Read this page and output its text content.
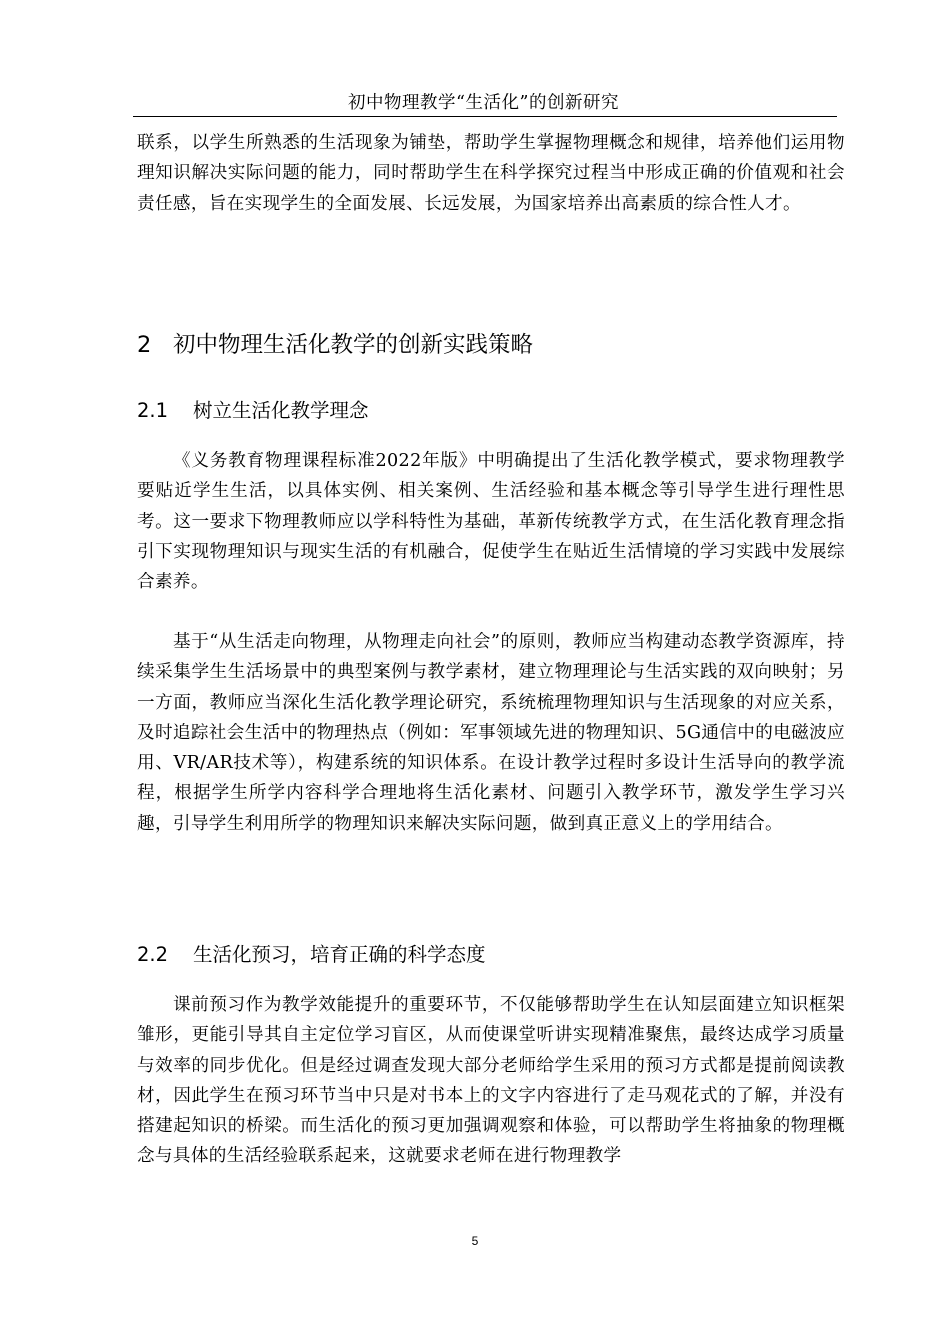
初中物理教学“生活化”的创新研究

联系，以学生所熟悉的生活现象为铺垫，帮助学生掌握物理概念和规律，培养他们运用物理知识解决实际问题的能力，同时帮助学生在科学探究过程当中形成正确的价值观和社会责任感，旨在实现学生的全面发展、长远发展，为国家培养出高素质的综合性人才。

2 初中物理生活化教学的创新实践策略
2.1 树立生活化教学理念

《义务教育物理课程标准2022年版》中明确提出了生活化教学模式，要求物理教学要贴近学生生活，以具体实例、相关案例、生活经验和基本概念等引导学生进行理性思考。这一要求下物理教师应以学科特性为基础，革新传统教学方式，在生活化教育理念指引下实现物理知识与现实生活的有机融合，促使学生在贴近生活情境的学习实践中发展综合素养。

基于“从生活走向物理，从物理走向社会”的原则，教师应当构建动态教学资源库，持续采集学生生活场景中的典型案例与教学素材，建立物理理论与生活实践的双向映射；另一方面，教师应当深化生活化教学理论研究，系统梳理物理知识与生活现象的对应关系，及时追踪社会生活中的物理热点（例如：军事领域先进的物理知识、5G通信中的电磁波应用、VR/AR技术等），构建系统的知识体系。在设计教学过程时多设计生活导向的教学流程，根据学生所学内容科学合理地将生活化素材、问题引入教学环节，激发学生学习兴趣，引导学生利用所学的物理知识来解决实际问题，做到真正意义上的学用结合。

2.2 生活化预习，培育正确的科学态度

课前预习作为教学效能提升的重要环节，不仅能够帮助学生在认知层面建立知识框架雏形，更能引导其自主定位学习盲区，从而使课堂听讲实现精准聚焦，最终达成学习质量与效率的同步优化。但是经过调查发现大部分老师给学生采用的预习方式都是提前阅读教材，因此学生在预习环节当中只是对书本上的文字内容进行了走马观花式的了解，并没有搭建起知识的桥梁。而生活化的预习更加强调观察和体验，可以帮助学生将抽象的物理概念与具体的生活经验联系起来，这就要求老师在进行物理教学

5
